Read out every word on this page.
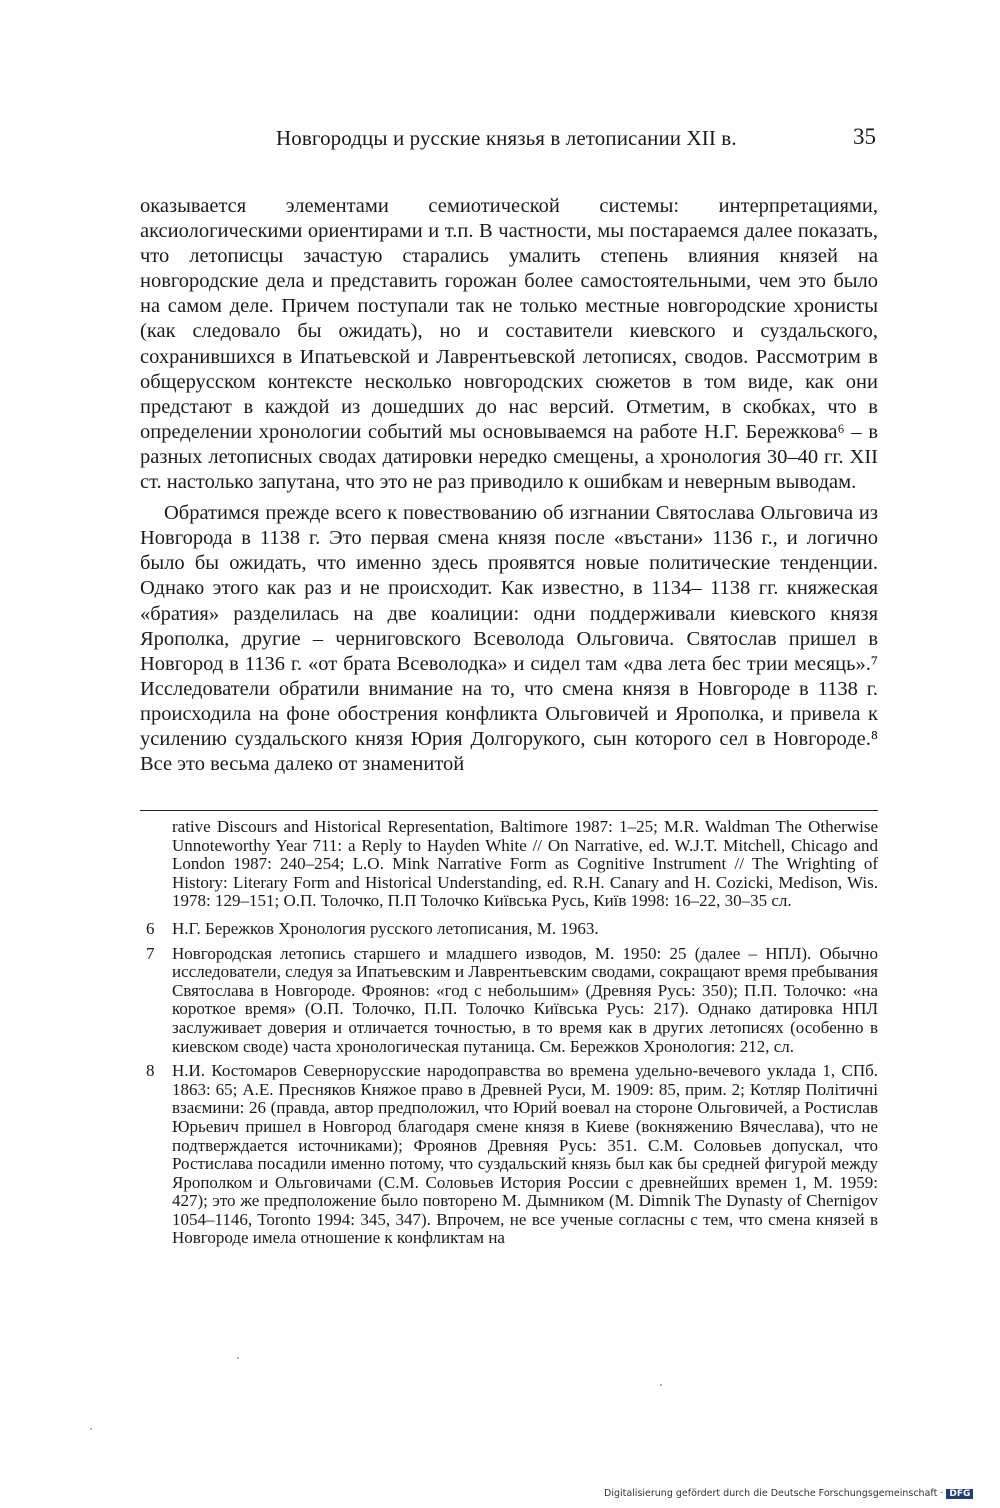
Новгородцы и русские князья в летописании XII в.	35

оказывается элементами семиотической системы: интерпретациями, аксиологическими ориентирами и т.п. В частности, мы постараемся далее показать, что летописцы зачастую старались умалить степень влияния князей на новгородские дела и представить горожан более самостоятельными, чем это было на самом деле. Причем поступали так не только местные новгородские хронисты (как следовало бы ожидать), но и составители киевского и суздальского, сохранившихся в Ипатьевской и Лаврентьевской летописях, сводов. Рассмотрим в общерусском контексте несколько новгородских сюжетов в том виде, как они предстают в каждой из дошедших до нас версий. Отметим, в скобках, что в определении хронологии событий мы основываемся на работе Н.Г. Бережкова⁶ – в разных летописных сводах датировки нередко смещены, а хронология 30–40 гг. XII ст. настолько запутана, что это не раз приводило к ошибкам и неверным выводам.

Обратимся прежде всего к повествованию об изгнании Святослава Ольговича из Новгорода в 1138 г. Это первая смена князя после «въстани» 1136 г., и логично было бы ожидать, что именно здесь проявятся новые политические тенденции. Однако этого как раз и не происходит. Как известно, в 1134– 1138 гг. княжеская «братия» разделилась на две коалиции: одни поддерживали киевского князя Ярополка, другие – черниговского Всеволода Ольговича. Святослав пришел в Новгород в 1136 г. «от брата Всеволодка» и сидел там «два лета бес трии месяць».⁷ Исследователи обратили внимание на то, что смена князя в Новгороде в 1138 г. происходила на фоне обострения конфликта Ольговичей и Ярополка, и привела к усилению суздальского князя Юрия Долгорукого, сын которого сел в Новгороде.⁸ Все это весьма далеко от знаменитой

rative Discours and Historical Representation, Baltimore 1987: 1–25; M.R. Waldman The Otherwise Unnoteworthy Year 711: a Reply to Hayden White // On Narrative, ed. W.J.T. Mitchell, Chicago and London 1987: 240–254; L.O. Mink Narrative Form as Cognitive Instrument // The Wrighting of History: Literary Form and Historical Understanding, ed. R.H. Canary and H. Cozicki, Medison, Wis. 1978: 129–151; О.П. Толочко, П.П Толочко Київська Русь, Київ 1998: 16–22, 30–35 сл.
6 Н.Г. Бережков Хронология русского летописания, М. 1963.
7 Новгородская летопись старшего и младшего изводов, М. 1950: 25 (далее – НПЛ). Обычно исследователи, следуя за Ипатьевским и Лаврентьевским сводами, сокращают время пребывания Святослава в Новгороде. Фроянов: «год с небольшим» (Древняя Русь: 350); П.П. Толочко: «на короткое время» (О.П. Толочко, П.П. Толочко Київська Русь: 217). Однако датировка НПЛ заслуживает доверия и отличается точностью, в то время как в других летописях (особенно в киевском своде) часта хронологическая путаница. См. Бережков Хронология: 212, сл.
8 Н.И. Костомаров Севернорусские народоправства во времена удельно-вечевого уклада 1, СПб. 1863: 65; А.Е. Пресняков Княжое право в Древней Руси, М. 1909: 85, прим. 2; Котляр Політичні взаємини: 26 (правда, автор предположил, что Юрий воевал на стороне Ольговичей, а Ростислав Юрьевич пришел в Новгород благодаря смене князя в Киеве (вокняжению Вячеслава), что не подтверждается источниками); Фроянов Древняя Русь: 351. С.М. Соловьев допускал, что Ростислава посадили именно потому, что суздальский князь был как бы средней фигурой между Ярополком и Ольговичами (С.М. Соловьев История России с древнейших времен 1, М. 1959: 427); это же предположение было повторено М. Дымником (M. Dimnik The Dynasty of Chernigov 1054–1146, Toronto 1994: 345, 347). Впрочем, не все ученые согласны с тем, что смена князей в Новгороде имела отношение к конфликтам на
Digitalisierung gefördert durch die Deutsche Forschungsgemeinschaft · DFG
